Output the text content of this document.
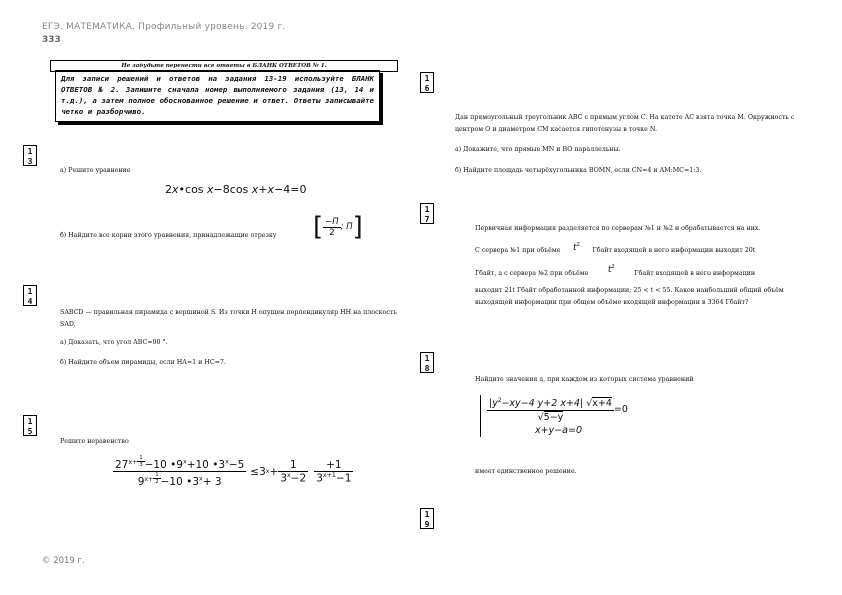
ЕГЭ. МАТЕМАТИКА. Профильный уровень. 2019 г.
333
Не забудьте перенести все ответы в БЛАНК ОТВЕТОВ № 1.
Для записи решений и ответов на задания 13-19 используйте БЛАНК ОТВЕТОВ № 2. Запишите сначала номер выполняемого задания (13, 14 и т.д.), а затем полное обоснованное решение и ответ. Ответы записывайте четко и разборчиво.
1
3
а) Решите уравнение
2x•cos x−8cos x+x−4=0
б) Найдите все корни этого уравнения, принадлежащие отрезку [ $\frac{-\Pi}{2}$ ; Π ]
1
4
SABCD — правильная пирамида с вершиной S. Из точки H опущен перпендикуляр HH на плоскость SAD.
а) Доказать, что угол ABC=90 °.
б) Найдите объем пирамиды, если HA=1 и HC=7.
1
5
Решите неравенство
$27^{x+ \frac{1}{3}} -10$ $•9^x+10$ $•3^x-5$
$9^{x+ \frac{1}{2}} -10$ $•3^x+ 3 \le 3$ $x + \frac{1}{3^x-2} \frac{+1}{3^{x+1}-1}$
© 2019 г.
1
6
Дан прямоугольный треугольник ABC с прямым углом C. На катете AC взята точка M. Окружность с центром O и диаметром CM касается гипотенузы в точке N.
а) Докажите, что прямые MN и BO параллельны.
б) Найдите площадь четырёхугольника BOMN, если CN=4 и AM:MC=1:3.
1
7
Первичная информация разделяется по серверам №1 и №2 и обрабатывается на них.
С сервера №1 при объёме $t^2$ Гбайт входящей в него информации выходит 20t
Гбайт, а с сервера №2 при объёме $t^2$ Гбайт входящей в него информации
выходит 21t Гбайт обработанной информации; 25 < t < 55. Каков наибольший общий объём выходящей информации при общем объёме входящей информации в 3364 Гбайт?
1
8
Найдите значения a, при каждом из которых система уравнений
$\frac{|y^2-xy-4 y+2 x+4| √x+4}{√5-y} =0$
x+y−a=0
имеет единственное решение.
1
9
